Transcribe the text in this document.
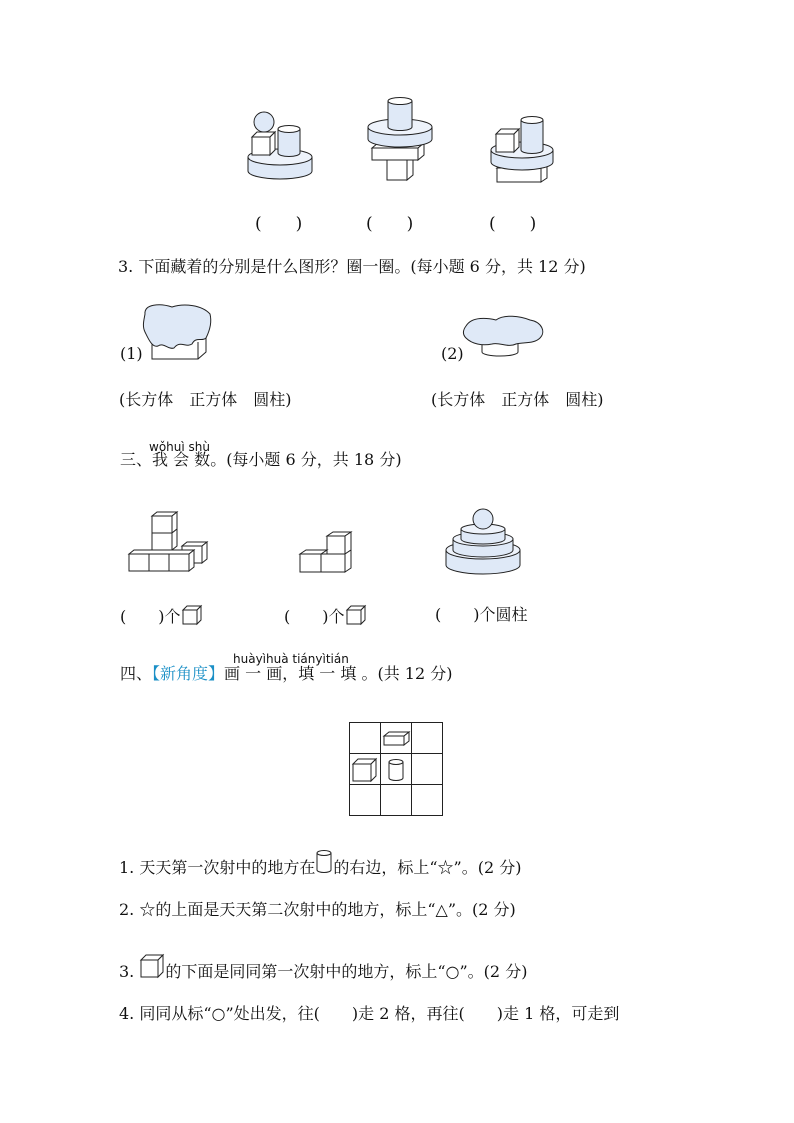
(　　)	(　　)	(　　)
3. 下面藏着的分别是什么图形？圈一圈。(每小题 6 分，共 12 分)
(1)	(2)
(长方体　正方体　圆柱)	(长方体　正方体　圆柱)
wǒhuì shù
三、我 会 数。(每小题 6 分，共 18 分)
(　　)个	(　　)个	(　　)个圆柱
huàyìhuà tiányìtián
四、【新角度】画 一 画，填 一 填 。(共 12 分)
1. 天天第一次射中的地方在 的右边，标上“☆”。(2 分)
2. ☆的上面是天天第二次射中的地方，标上“△”。(2 分)
3. 的下面是同同第一次射中的地方，标上“○”。(2 分)
4. 同同从标“○”处出发，往(　　)走 2 格，再往(　　)走 1 格，可走到
